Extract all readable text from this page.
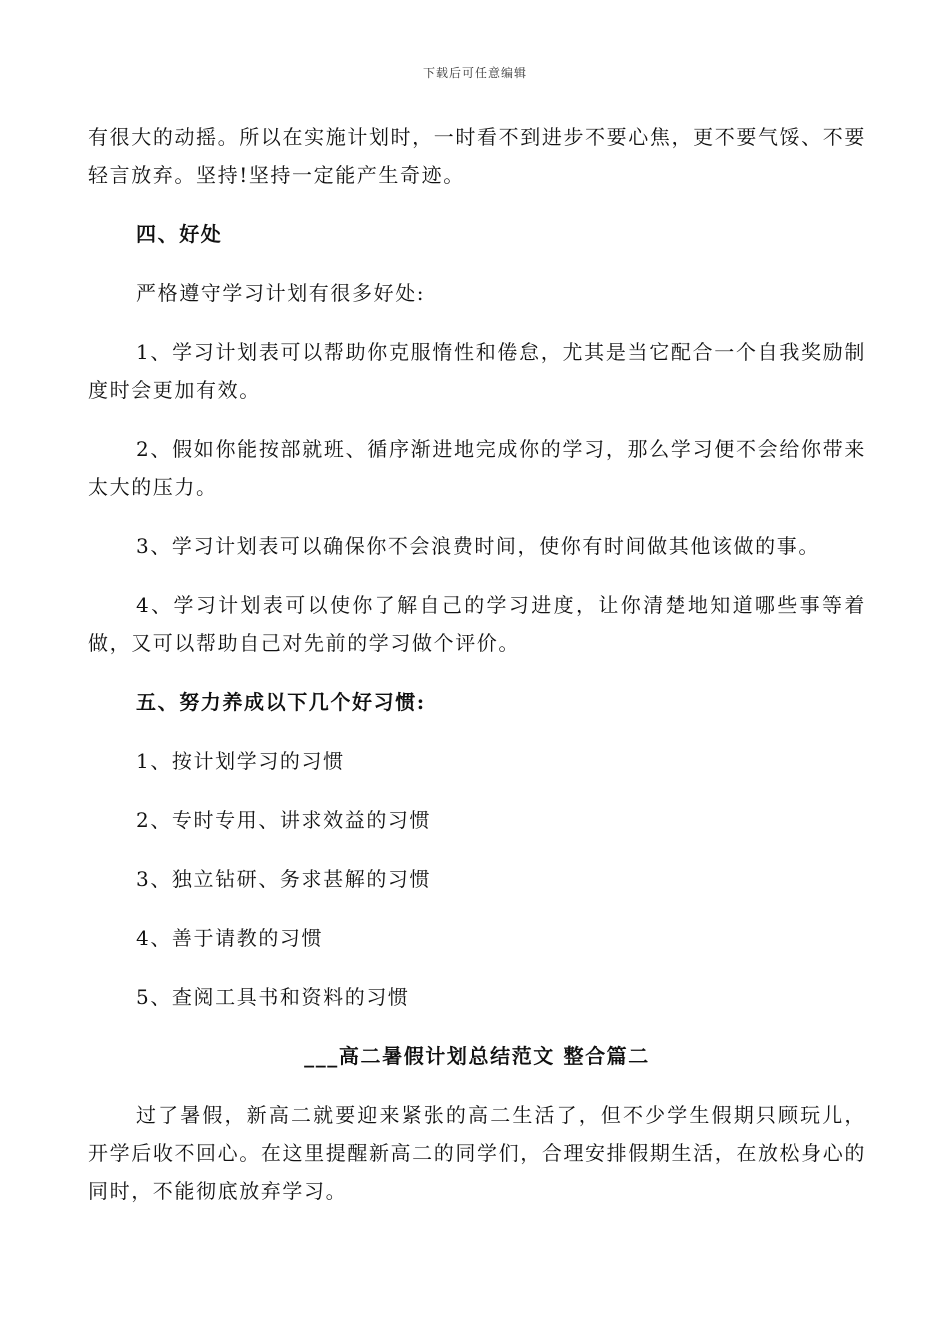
下载后可任意编辑

有很大的动摇。所以在实施计划时，一时看不到进步不要心焦，更不要气馁、不要轻言放弃。坚持!坚持一定能产生奇迹。

四、好处

严格遵守学习计划有很多好处:

1、学习计划表可以帮助你克服惰性和倦怠，尤其是当它配合一个自我奖励制度时会更加有效。

2、假如你能按部就班、循序渐进地完成你的学习，那么学习便不会给你带来太大的压力。

3、学习计划表可以确保你不会浪费时间，使你有时间做其他该做的事。

4、学习计划表可以使你了解自己的学习进度，让你清楚地知道哪些事等着做，又可以帮助自己对先前的学习做个评价。

五、努力养成以下几个好习惯:

1、按计划学习的习惯

2、专时专用、讲求效益的习惯

3、独立钻研、务求甚解的习惯

4、善于请教的习惯

5、查阅工具书和资料的习惯

___高二暑假计划总结范文 整合篇二

过了暑假，新高二就要迎来紧张的高二生活了，但不少学生假期只顾玩儿，开学后收不回心。在这里提醒新高二的同学们，合理安排假期生活，在放松身心的同时，不能彻底放弃学习。
